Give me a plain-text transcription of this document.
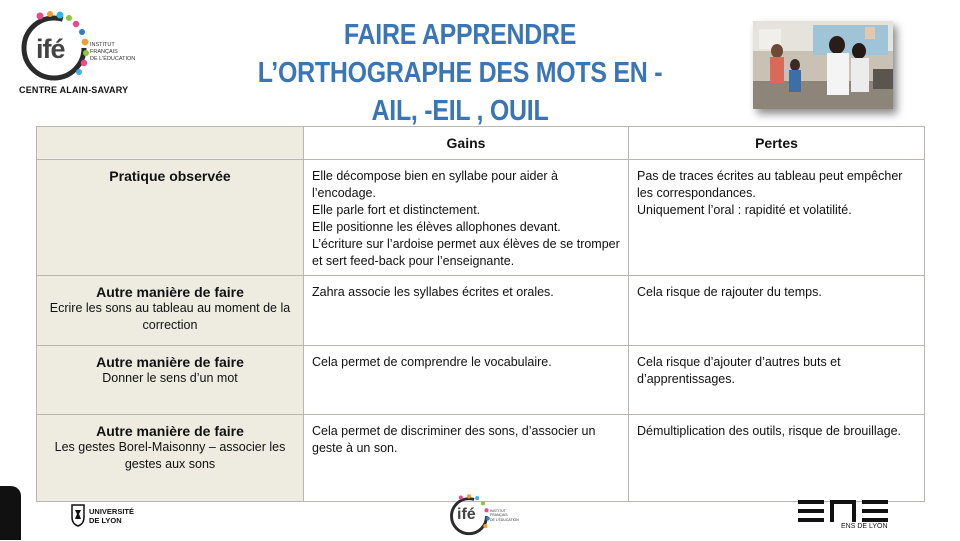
ifé	INSTITUT
FRANÇAIS
DE L'ÉDUCATION
CENTRE ALAIN-SAVARY
FAIRE APPRENDRE
L’ORTHOGRAPHE DES MOTS EN -
AIL, -EIL , OUIL
	Gains	Pertes

Pratique observée	Elle décompose bien en syllabe pour aider à l’encodage.
Elle parle fort et distinctement.
Elle positionne les élèves allophones devant.
L’écriture sur l’ardoise permet aux élèves de se tromper et sert feed-back pour l’enseignante.	Pas de traces écrites au tableau peut empêcher les correspondances.
Uniquement l’oral : rapidité et volatilité.

Autre manière de faire
Ecrire les sons au tableau au moment de la correction	Zahra associe les syllabes écrites et orales.	Cela risque de rajouter du temps.

Autre manière de faire
Donner le sens d’un mot	Cela permet de comprendre le vocabulaire.	Cela risque d’ajouter d’autres buts et d’apprentissages.

Autre manière de faire
Les gestes Borel-Maisonny – associer les gestes aux sons	Cela permet de discriminer des sons, d’associer un geste à un son.	Démultiplication des outils, risque de brouillage.
UNIVERSITÉ
DE LYON	ifé	INSTITUT
FRANÇAIS
DE L'ÉDUCATION
ENS DE LYON
